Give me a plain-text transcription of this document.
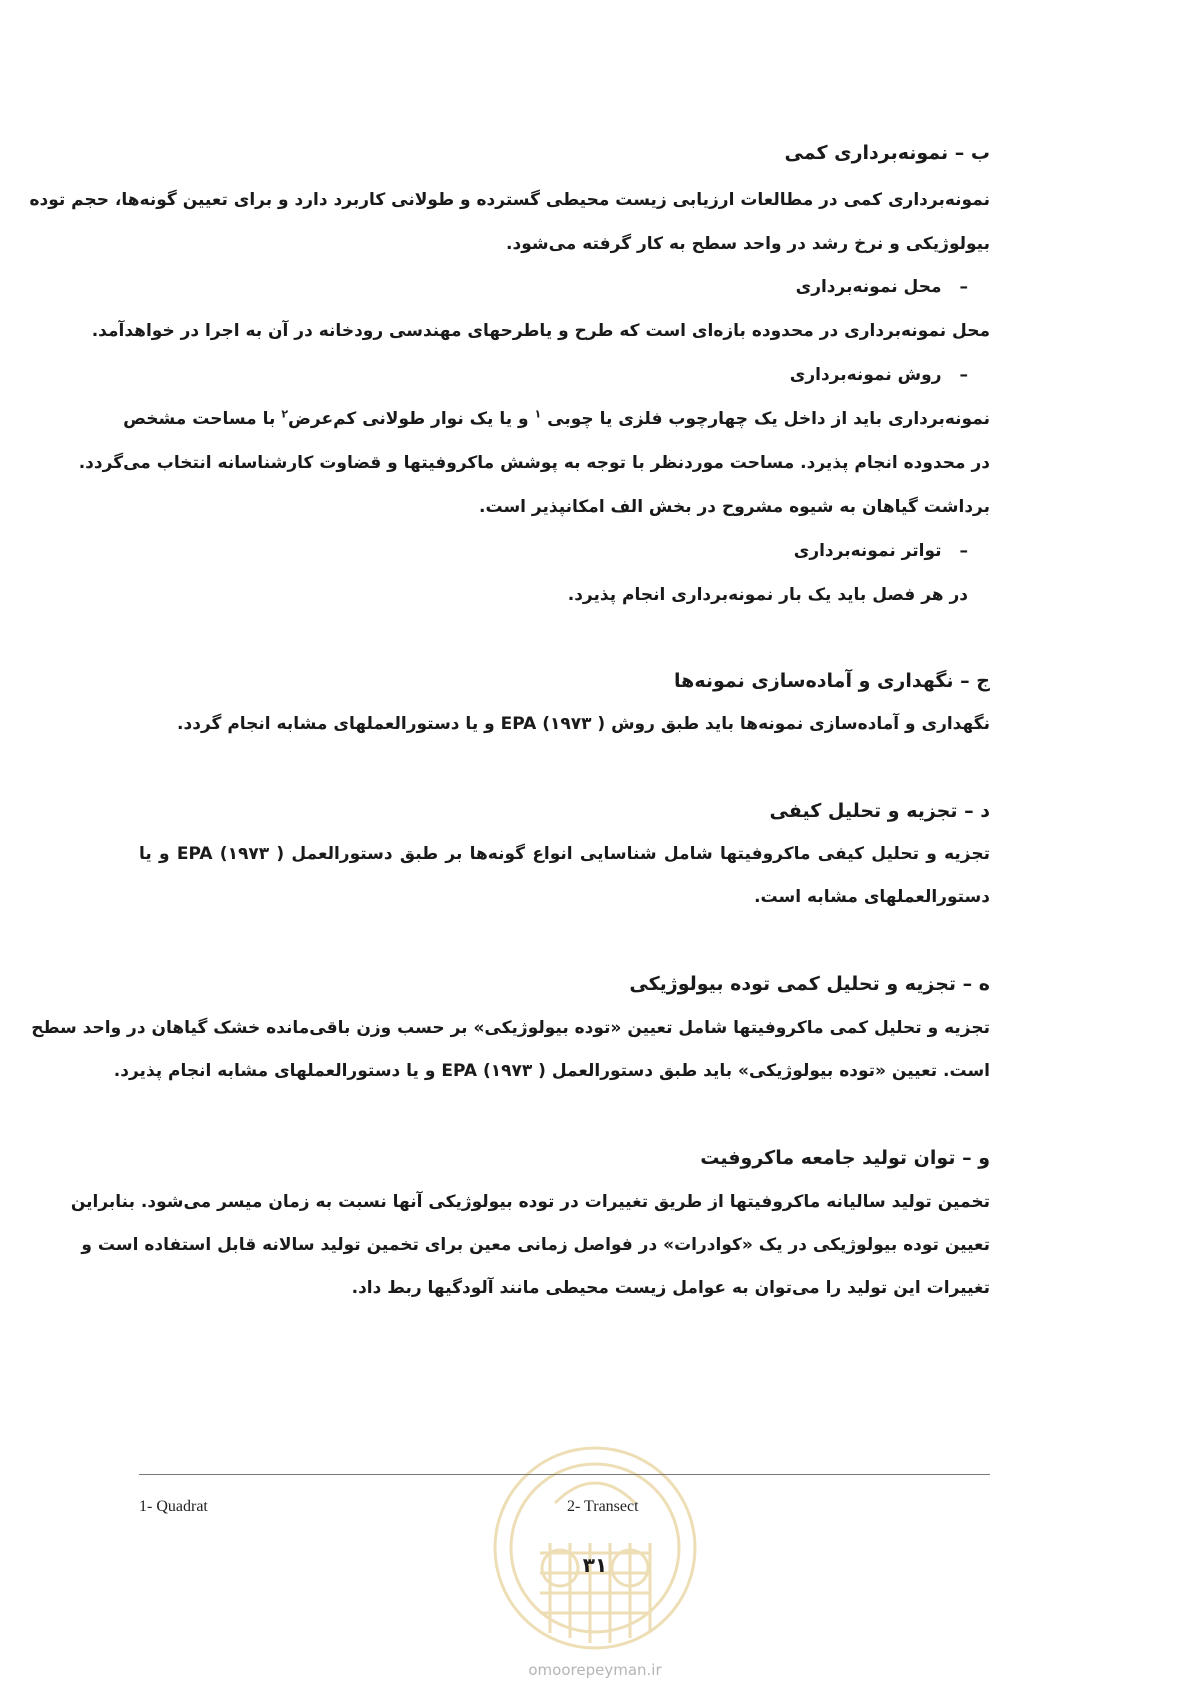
ب – نمونه‌برداری کمی
نمونه‌برداری کمی در مطالعات ارزیابی زیست محیطی گسترده و طولانی کاربرد دارد و برای تعیین گونه‌ها، حجم توده
بیولوژیکی و نرخ رشد در واحد سطح به کار گرفته می‌شود.
–محل نمونه‌برداری
محل نمونه‌برداری در محدوده بازه‌ای است که طرح و یاطرحهای مهندسی رودخانه در آن به اجرا در خواهدآمد.
–روش نمونه‌برداری
نمونه‌برداری باید از داخل یک چهارچوب فلزی یا چوبی $^۱$ و یا یک نوار طولانی کم‌عرض$^۲$ با مساحت مشخص
در محدوده انجام پذیرد. مساحت موردنظر با توجه به پوشش ماکروفیتها و قضاوت کارشناسانه انتخاب می‌گردد.
برداشت گیاهان به شیوه مشروح در بخش الف امکانپذیر است.
–تواتر نمونه‌برداری
در هر فصل باید یک بار نمونه‌برداری انجام پذیرد.
ج – نگهداری و آماده‌سازی نمونه‌ها
نگهداری و آماده‌سازی نمونه‌ها باید طبق روش ( EPA (۱۹۷۳ و یا دستورالعملهای مشابه انجام گردد.
د – تجزیه و تحلیل کیفی
تجزیه و تحلیل کیفی ماکروفیتها شامل شناسایی انواع گونه‌ها بر طبق دستورالعمل ( EPA (۱۹۷۳ و یا
دستورالعملهای مشابه است.
ه – تجزیه و تحلیل کمی توده بیولوژیکی
تجزیه و تحلیل کمی ماکروفیتها شامل تعیین «توده بیولوژیکی» بر حسب وزن باقی‌مانده خشک گیاهان در واحد سطح
است. تعیین «توده بیولوژیکی» باید طبق دستورالعمل ( EPA (۱۹۷۳ و یا دستورالعملهای مشابه انجام پذیرد.
و – توان تولید جامعه ماکروفیت
تخمین تولید سالیانه ماکروفیتها از طریق تغییرات در توده بیولوژیکی آنها نسبت به زمان میسر می‌شود. بنابراین
تعیین توده بیولوژیکی در یک «کوادرات» در فواصل زمانی معین برای تخمین تولید سالانه قابل استفاده است و
تغییرات این تولید را می‌توان به عوامل زیست محیطی مانند آلودگیها ربط داد.
1- Quadrat	2- Transect
۳۱
omoorepeyman.ir
